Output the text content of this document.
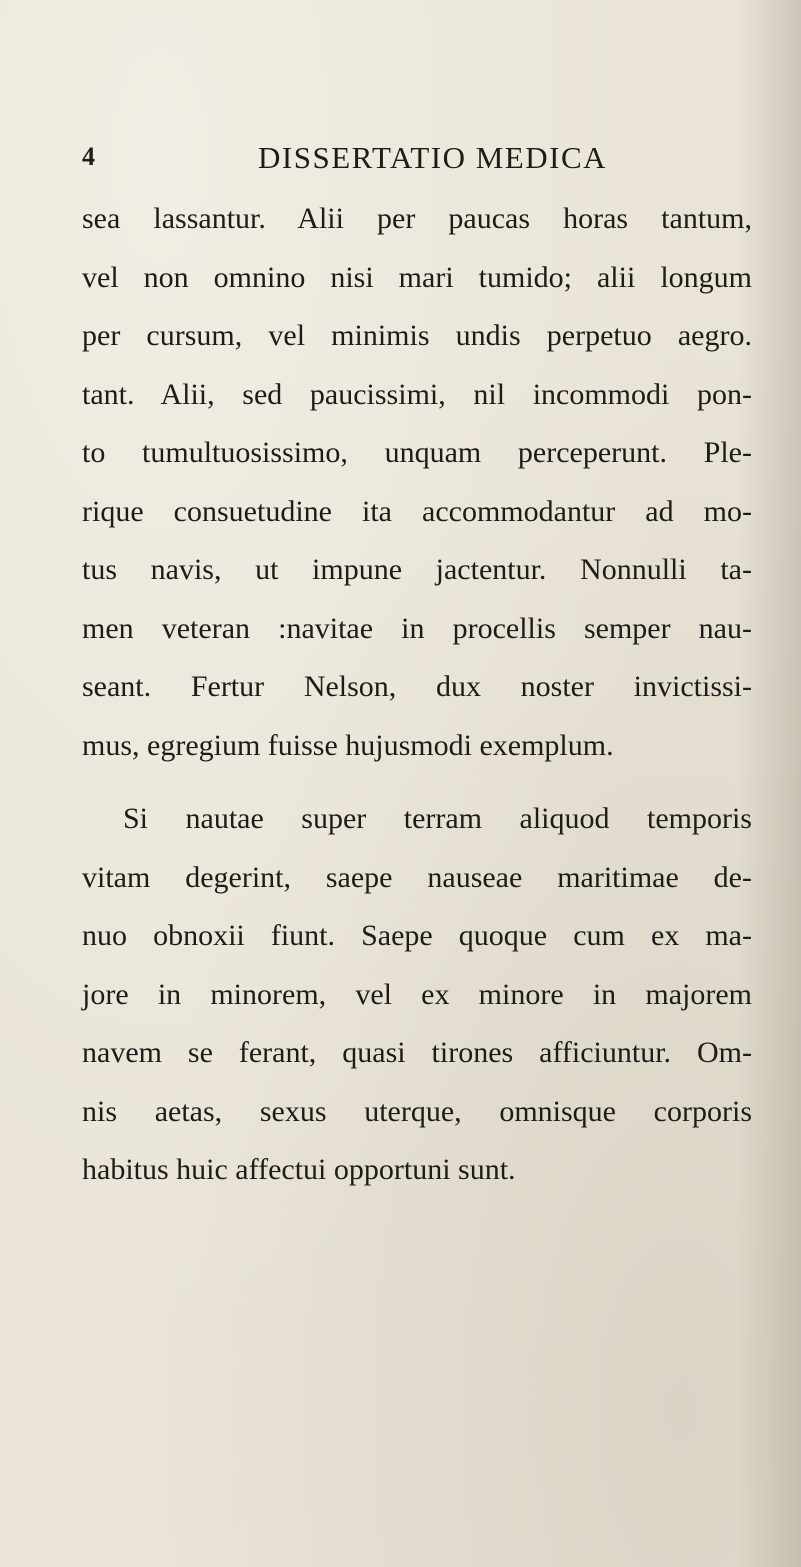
4	DISSERTATIO MEDICA
sea lassantur. Alii per paucas horas tantum,
vel non omnino nisi mari tumido; alii longum
per cursum, vel minimis undis perpetuo aegro.
tant. Alii, sed paucissimi, nil incommodi pon-
to tumultuosissimo, unquam perceperunt. Ple-
rique consuetudine ita accommodantur ad mo-
tus navis, ut impune jactentur. Nonnulli ta-
men veteran :navitae in procellis semper nau-
seant. Fertur Nelson, dux noster invictissi-
mus, egregium fuisse hujusmodi exemplum.
Si nautae super terram aliquod temporis
vitam degerint, saepe nauseae maritimae de-
nuo obnoxii fiunt. Saepe quoque cum ex ma-
jore in minorem, vel ex minore in majorem
navem se ferant, quasi tirones afficiuntur. Om-
nis aetas, sexus uterque, omnisque corporis
habitus huic affectui opportuni sunt.
